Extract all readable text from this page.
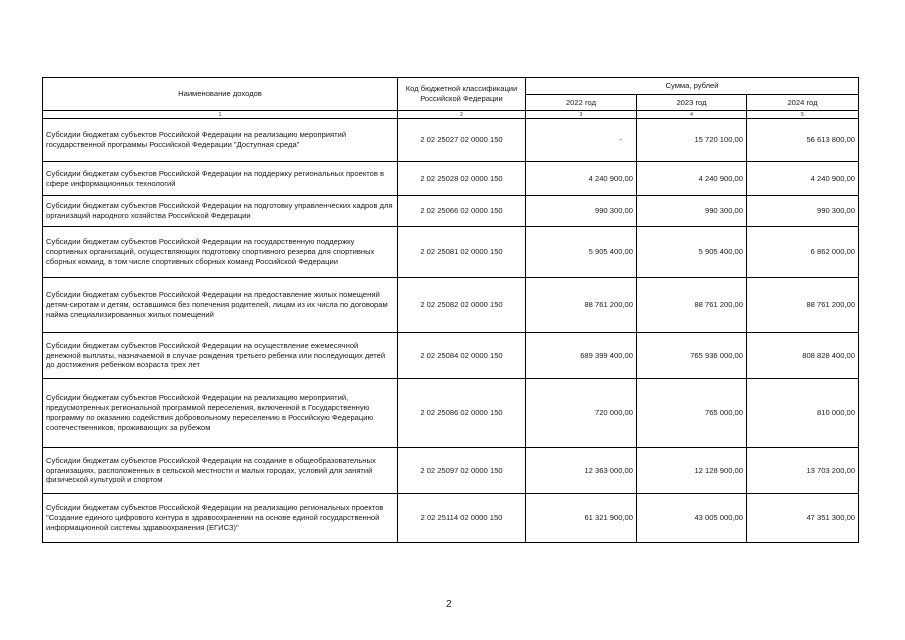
Наименование доходов	Код бюджетной классификации Российской Федерации	Сумма, рублей		
		2022 год	2023 год	2024 год
1	2	3	4	5
Субсидии бюджетам субъектов Российской Федерации на реализацию мероприятий государственной программы Российской Федерации "Доступная среда"	2 02 25027 02 0000 150	-	15 720 100,00	56 613 800,00
Субсидии бюджетам субъектов Российской Федерации на поддержку региональных проектов в сфере информационных технологий	2 02 25028 02 0000 150	4 240 900,00	4 240 900,00	4 240 900,00
Субсидии бюджетам субъектов Российской Федерации на подготовку управленческих кадров для организаций народного хозяйства Российской Федерации	2 02 25066 02 0000 150	990 300,00	990 300,00	990 300,00
Субсидии бюджетам субъектов Российской Федерации на государственную поддержку спортивных организаций, осуществляющих подготовку спортивного резерва для спортивных сборных команд, в том числе спортивных сборных команд Российской Федерации	2 02 25081 02 0000 150	5 905 400,00	5 905 400,00	6 862 000,00
Субсидии бюджетам субъектов Российской Федерации на предоставление жилых помещений детям-сиротам и детям, оставшимся без попечения родителей, лицам из их числа по договорам найма специализированных жилых помещений	2 02 25082 02 0000 150	88 761 200,00	88 761 200,00	88 761 200,00
Субсидии бюджетам субъектов Российской Федерации на осуществление ежемесячной денежной выплаты, назначаемой в случае рождения третьего ребенка или последующих детей до достижения ребенком возраста трех лет	2 02 25084 02 0000 150	689 399 400,00	765 936 000,00	808 828 400,00
Субсидии бюджетам субъектов Российской Федерации на реализацию мероприятий, предусмотренных региональной программой переселения, включенной в Государственную программу по оказанию содействия добровольному переселению в Российскую Федерацию соотечественников, проживающих за рубежом	2 02 25086 02 0000 150	720 000,00	765 000,00	810 000,00
Субсидии бюджетам субъектов Российской Федерации на создание в общеобразовательных организациях, расположенных в сельской местности и малых городах, условий для занятий физической культурой и спортом	2 02 25097 02 0000 150	12 363 000,00	12 128 900,00	13 703 200,00
Субсидии бюджетам субъектов Российской Федерации на реализацию региональных проектов "Создание единого цифрового контура в здравоохранении на основе единой государственной информационной системы здравоохранения (ЕГИСЗ)"	2 02 25114 02 0000 150	61 321 900,00	43 005 000,00	47 351 300,00
2
